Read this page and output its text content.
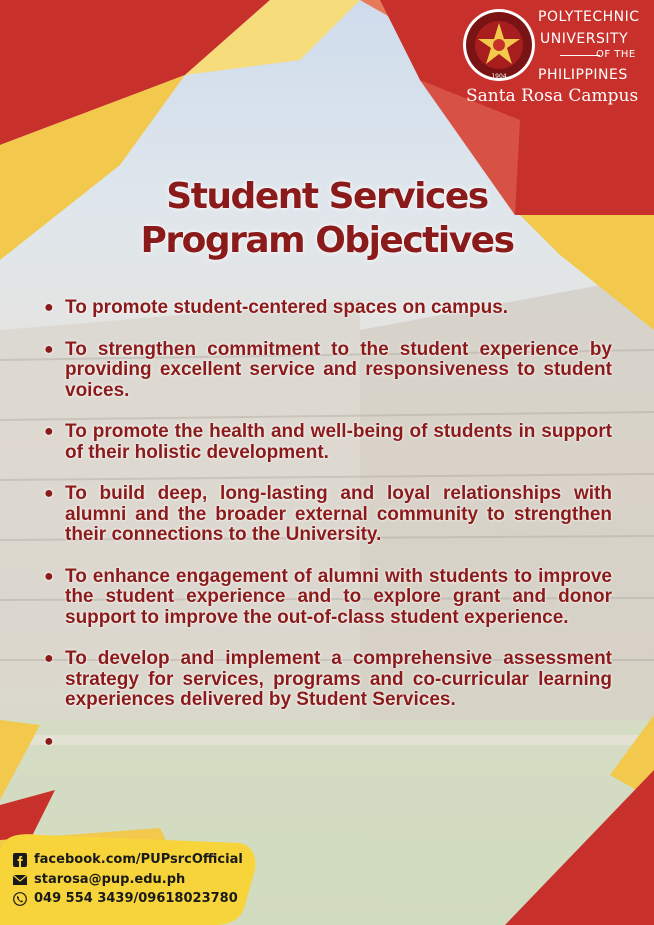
1904
POLYTECHNIC
UNIVERSITY
OF THE
PHILIPPINES
Santa Rosa Campus
Student Services
Program Objectives
● To promote student-centered spaces on campus.
● To strengthen commitment to the student experience by providing excellent service and responsiveness to student voices.
● To promote the health and well-being of students in support of their holistic development.
● To build deep, long-lasting and loyal relationships with alumni and the broader external community to strengthen their connections to the University.
● To enhance engagement of alumni with students to improve the student experience and to explore grant and donor support to improve the out-of-class student experience.
● To develop and implement a comprehensive assessment strategy for services, programs and co-curricular learning experiences delivered by Student Services.
●
facebook.com/PUPsrcOfficial
starosa@pup.edu.ph
049 554 3439/09618023780
